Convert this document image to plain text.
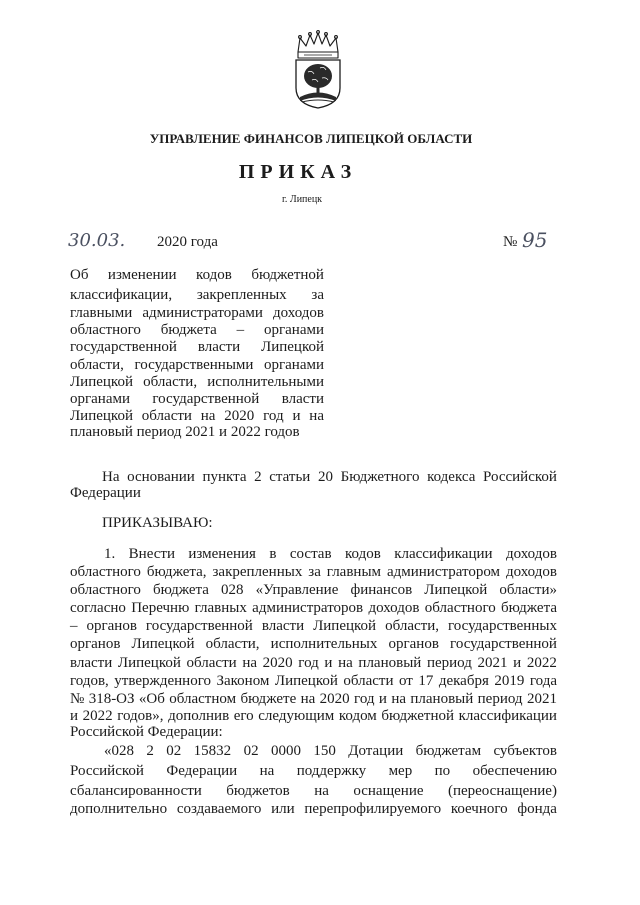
УПРАВЛЕНИЕ ФИНАНСОВ ЛИПЕЦКОЙ ОБЛАСТИ
ПРИКАЗ
г. Липецк
30.03. 2020 года	№ 95
Об изменении кодов бюджетной
классификации, закрепленных за
главными администраторами доходов
областного бюджета – органами
государственной власти Липецкой
области, государственными органами
Липецкой области, исполнительными
органами государственной власти
Липецкой области на 2020 год и на
плановый период 2021 и 2022 годов
На основании пункта 2 статьи 20 Бюджетного кодекса Российской
Федерации
ПРИКАЗЫВАЮ:
1. Внести изменения в состав кодов классификации доходов
областного бюджета, закрепленных за главным администратором доходов
областного бюджета 028 «Управление финансов Липецкой области»
согласно Перечню главных администраторов доходов областного бюджета
– органов государственной власти Липецкой области, государственных
органов Липецкой области, исполнительных органов государственной
власти Липецкой области на 2020 год и на плановый период 2021 и 2022
годов, утвержденного Законом Липецкой области от 17 декабря 2019 года
№ 318-ОЗ «Об областном бюджете на 2020 год и на плановый период 2021
и 2022 годов», дополнив его следующим кодом бюджетной классификации
Российской Федерации:
«028 2 02 15832 02 0000 150 Дотации бюджетам субъектов
Российской Федерации на поддержку мер по обеспечению
сбалансированности бюджетов на оснащение (переоснащение)
дополнительно создаваемого или перепрофилируемого коечного фонда
